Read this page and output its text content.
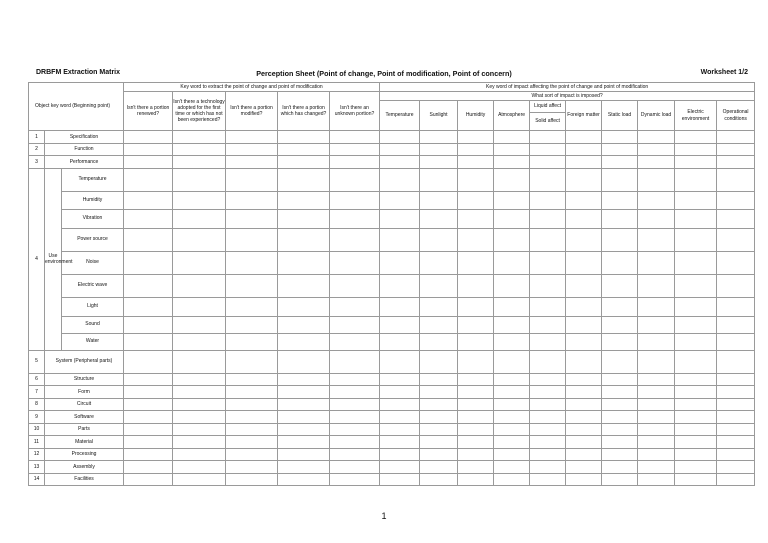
DRBFM Extraction Matrix	Perception Sheet (Point of change, Point of modification, Point of concern)	Worksheet 1/2
Object key word (Beginning point)			Key word to extract the point of change and point of modification					Key word of impact affecting the point of change and point of modification									
			Isn't there a portion renewed?	Isn't there a technology adopted for the first time or which has not been experienced?	Isn't there a portion modified?	Isn't there a portion which has changed?	Isn't there an unknown portion?	What sort of impact is imposed?									
								Temperature	Sunlight	Humidity	Atmosphere	Liquid affect	Foreign matter	Static load	Dynamic load	Electric environment	Operational conditions
												Solid affect					
1	Specification																
2	Function																
3	Performance																
4	Use environment	Temperature															
		Humidity															
		Vibration															
		Power source															
		Noise															
		Electric wave															
		Light															
		Sound															
		Water															
5	System (Peripheral parts)																
6	Structure																
7	Form																
8	Circuit																
9	Software																
10	Parts																
11	Material																
12	Processing																
13	Assembly																
14	Facilities																
1
